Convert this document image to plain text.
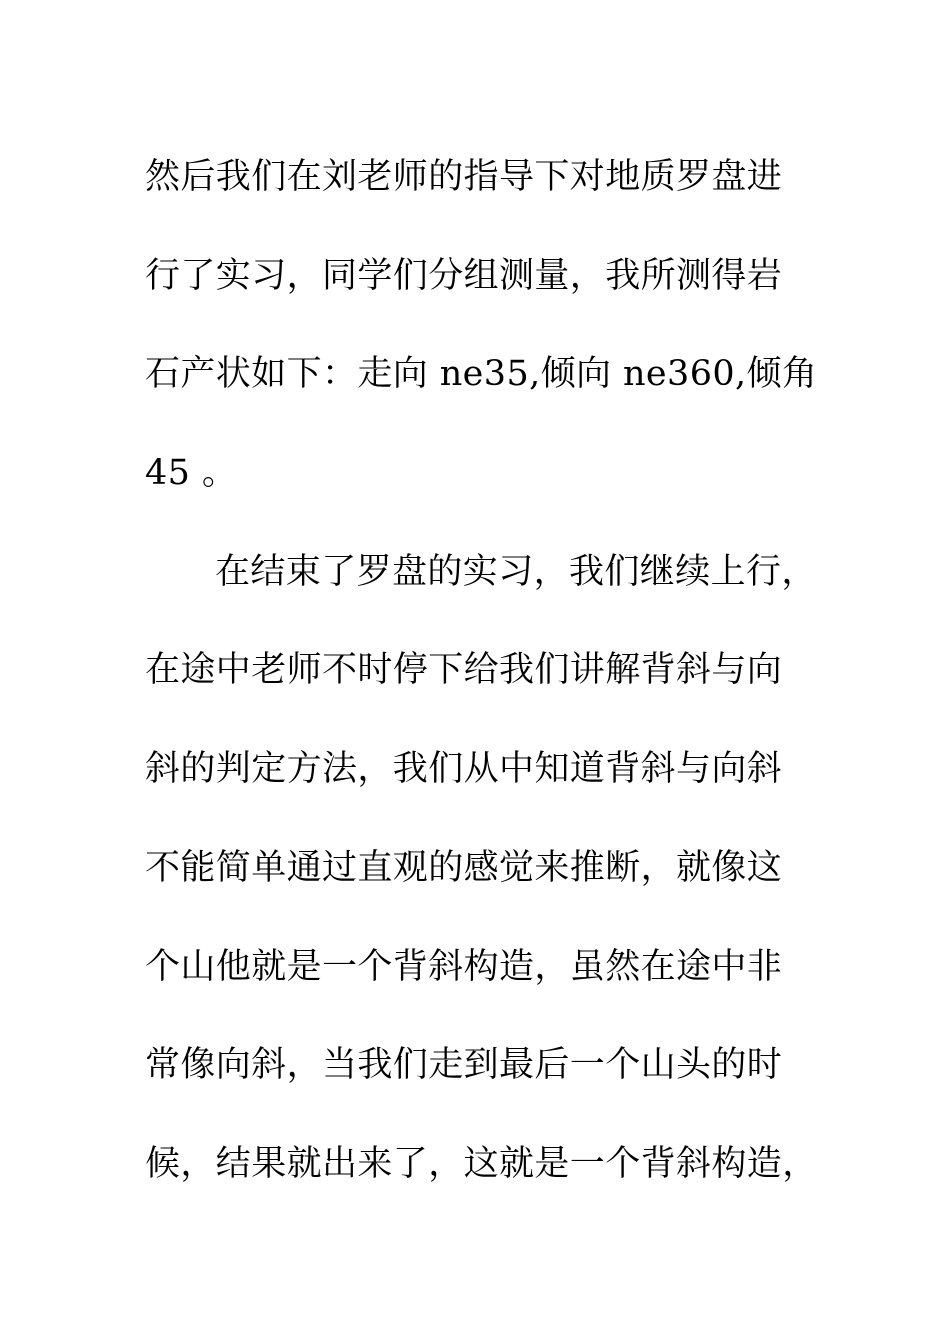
然后我们在刘老师的指导下对地质罗盘进
行了实习，同学们分组测量，我所测得岩
石产状如下：走向 ne35,倾向 ne360,倾角
45 。
在结束了罗盘的实习，我们继续上行，
在途中老师不时停下给我们讲解背斜与向
斜的判定方法，我们从中知道背斜与向斜
不能简单通过直观的感觉来推断，就像这
个山他就是一个背斜构造，虽然在途中非
常像向斜，当我们走到最后一个山头的时
候，结果就出来了，这就是一个背斜构造，
